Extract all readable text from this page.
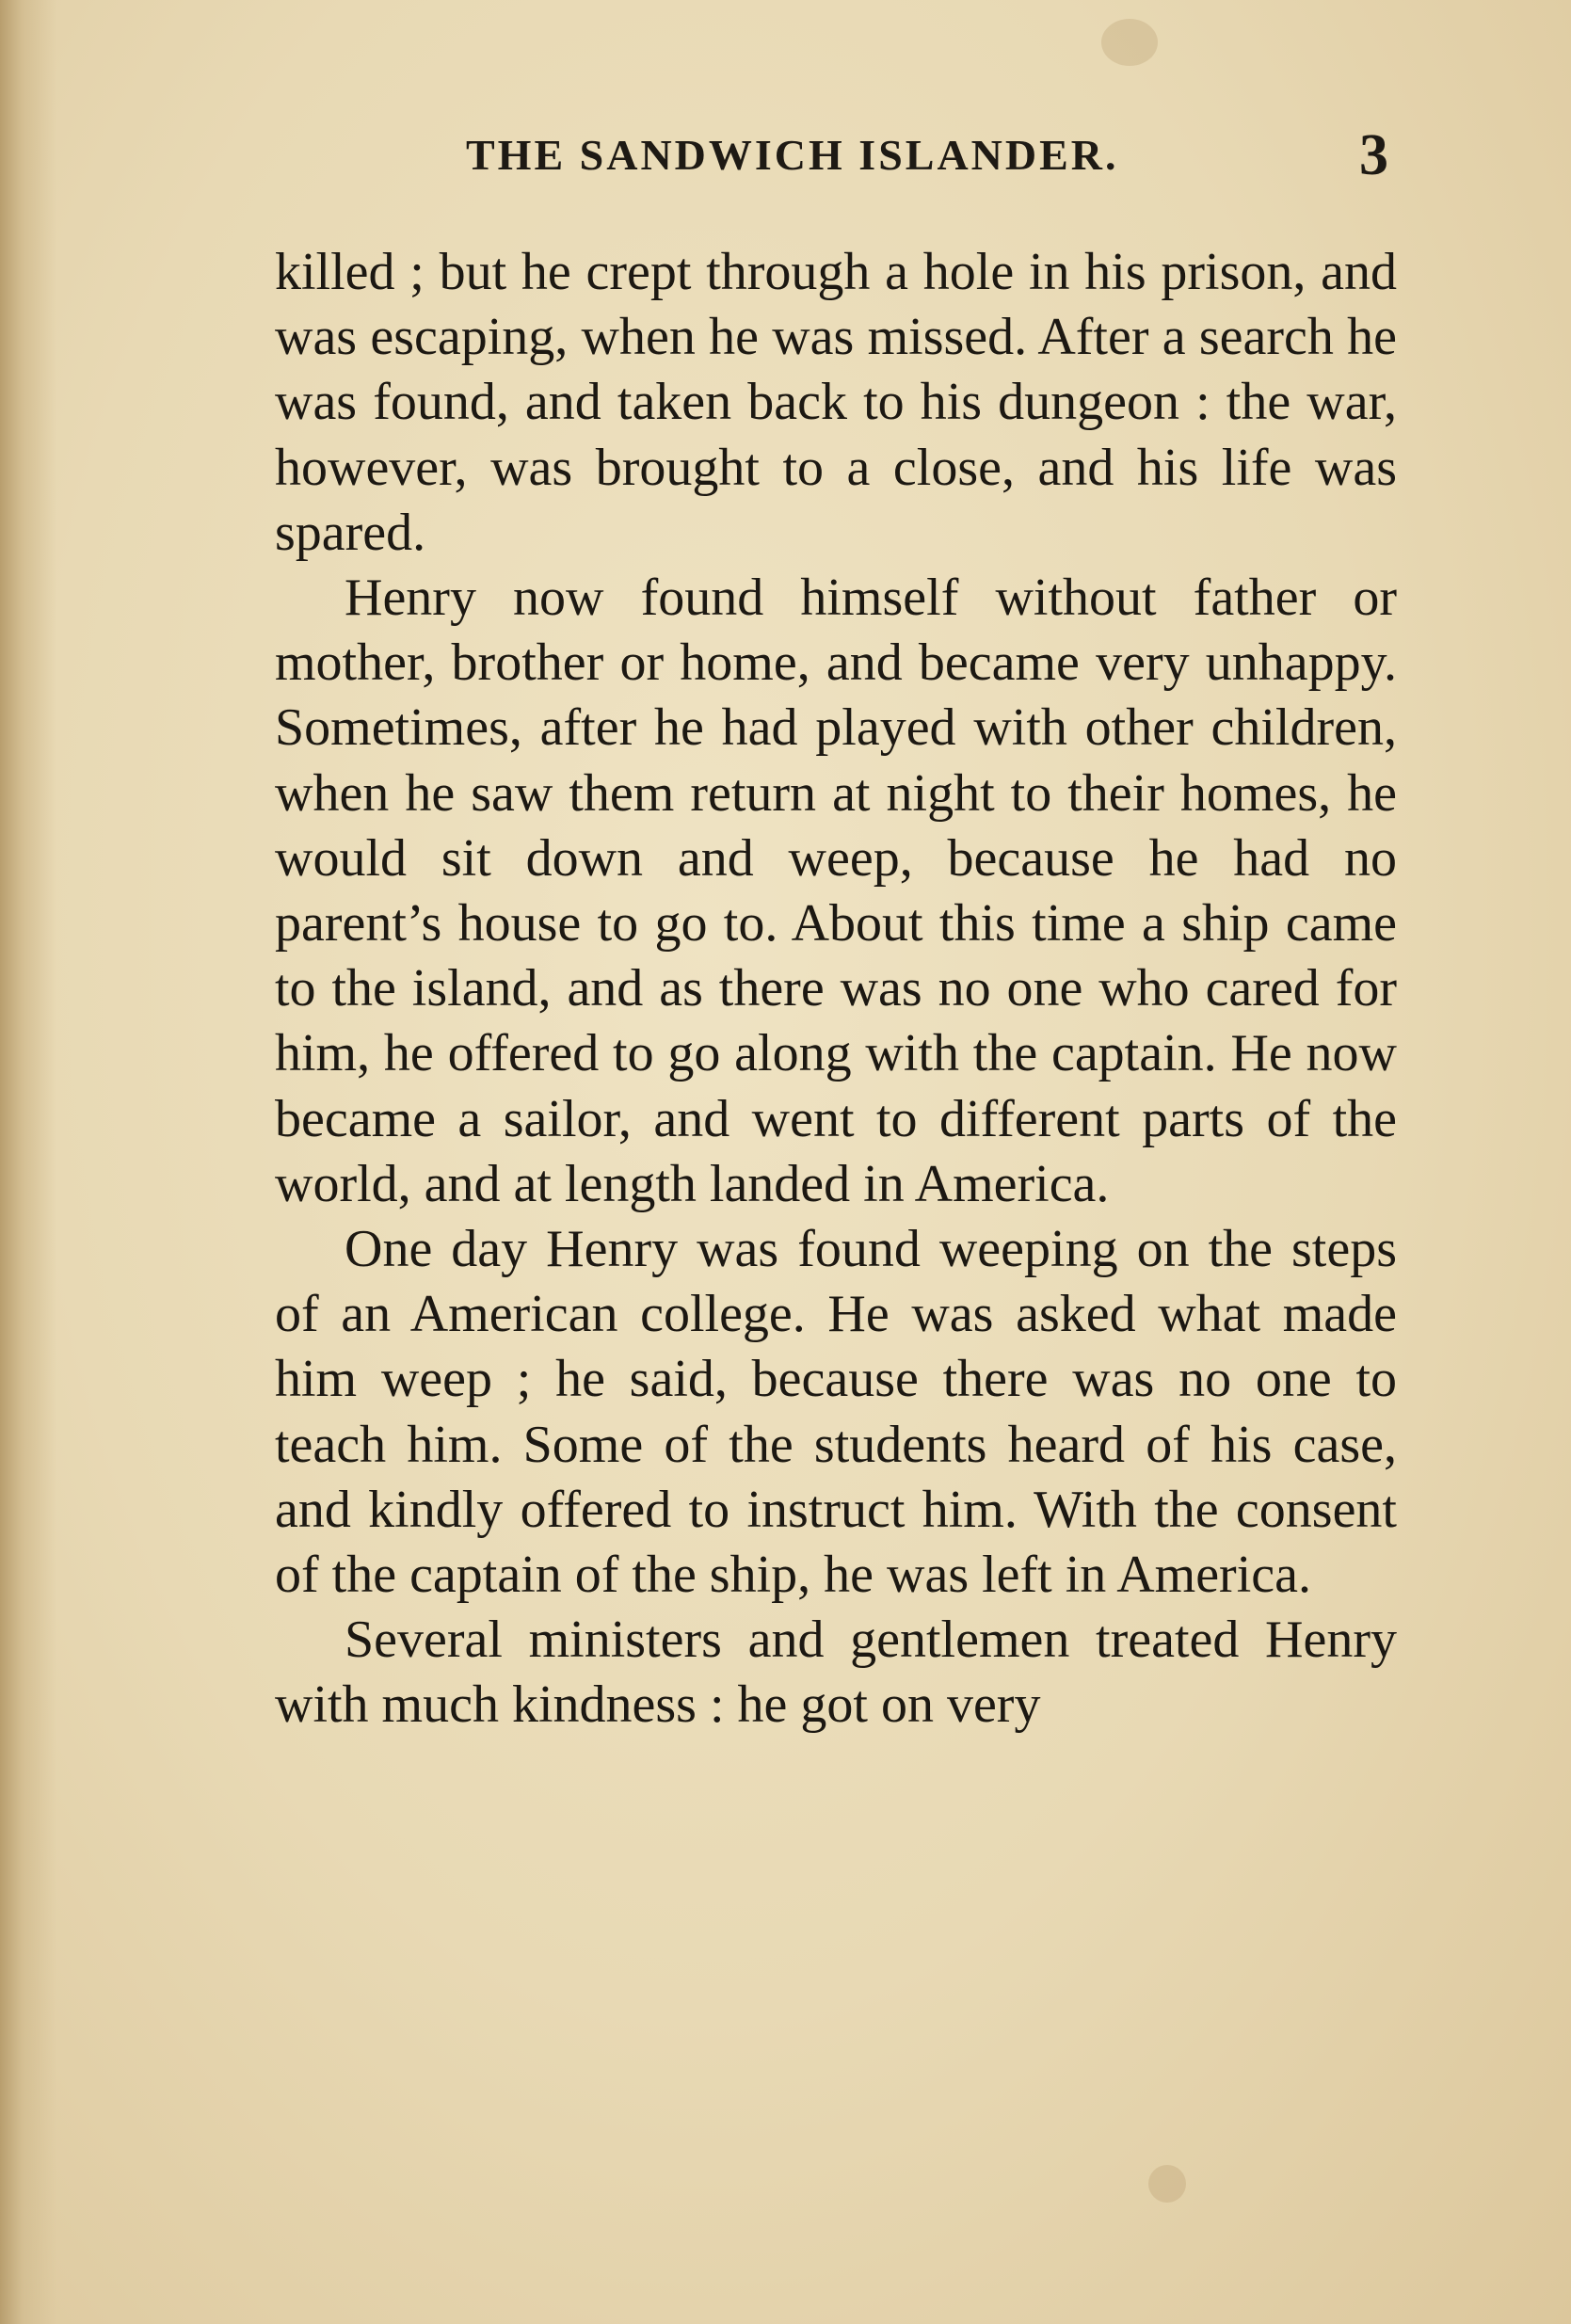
THE SANDWICH ISLANDER.	3

killed ; but he crept through a hole in his prison, and was escaping, when he was missed. After a search he was found, and taken back to his dungeon : the war, however, was brought to a close, and his life was spared.

Henry now found himself without father or mother, brother or home, and became very unhappy. Sometimes, after he had played with other children, when he saw them return at night to their homes, he would sit down and weep, because he had no parent’s house to go to. About this time a ship came to the island, and as there was no one who cared for him, he offered to go along with the captain. He now became a sailor, and went to different parts of the world, and at length landed in America.

One day Henry was found weeping on the steps of an American college. He was asked what made him weep ; he said, because there was no one to teach him. Some of the students heard of his case, and kindly offered to instruct him. With the consent of the captain of the ship, he was left in America.

Several ministers and gentlemen treated Henry with much kindness : he got on very
